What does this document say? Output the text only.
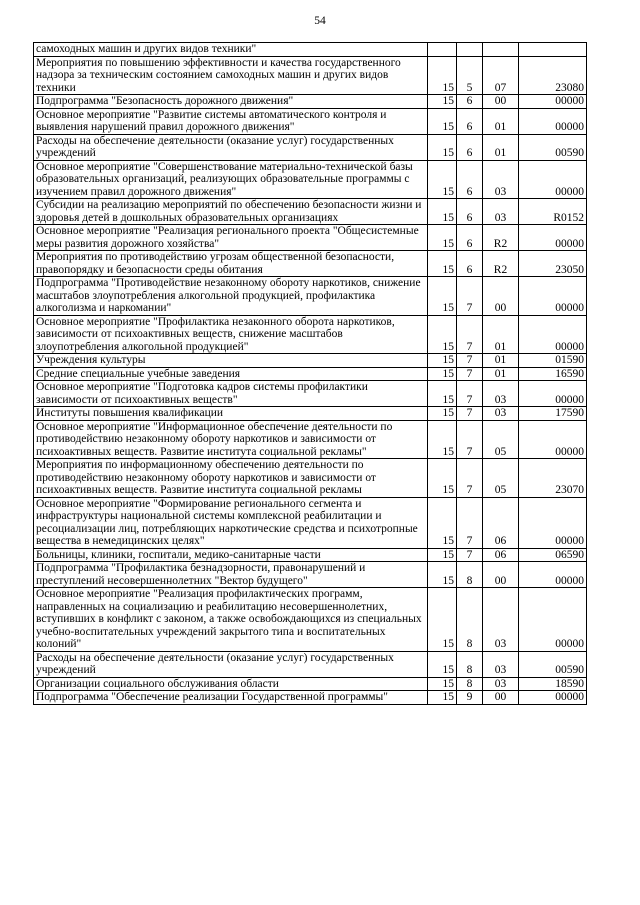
54
самоходных машин и других видов техники"				
Мероприятия по повышению эффективности и качества государственного надзора за техническим состоянием самоходных машин и других видов техники	15	5	07	23080
Подпрограмма "Безопасность дорожного движения"	15	6	00	00000
Основное мероприятие "Развитие системы автоматического контроля и выявления нарушений правил дорожного движения"	15	6	01	00000
Расходы на обеспечение деятельности (оказание услуг) государственных учреждений	15	6	01	00590
Основное мероприятие "Совершенствование материально-технической базы образовательных организаций, реализующих образовательные программы с изучением правил дорожного движения"	15	6	03	00000
Субсидии на реализацию мероприятий по обеспечению безопасности жизни и здоровья детей в дошкольных образовательных организациях	15	6	03	R0152
Основное мероприятие "Реализация регионального проекта "Общесистемные меры развития дорожного хозяйства"	15	6	R2	00000
Мероприятия по противодействию угрозам общественной безопасности, правопорядку и безопасности среды обитания	15	6	R2	23050
Подпрограмма "Противодействие незаконному обороту наркотиков, снижение масштабов злоупотребления алкогольной продукцией, профилактика алкоголизма и наркомании"	15	7	00	00000
Основное мероприятие "Профилактика незаконного оборота наркотиков, зависимости от психоактивных веществ, снижение масштабов злоупотребления алкогольной продукцией"	15	7	01	00000
Учреждения культуры	15	7	01	01590
Средние специальные учебные заведения	15	7	01	16590
Основное мероприятие "Подготовка кадров системы профилактики зависимости от психоактивных веществ"	15	7	03	00000
Институты повышения квалификации	15	7	03	17590
Основное мероприятие "Информационное обеспечение деятельности по противодействию незаконному обороту наркотиков и зависимости от психоактивных веществ. Развитие института социальной рекламы"	15	7	05	00000
Мероприятия по информационному обеспечению деятельности по противодействию незаконному обороту наркотиков и зависимости от психоактивных веществ. Развитие института социальной рекламы	15	7	05	23070
Основное мероприятие "Формирование регионального сегмента и инфраструктуры национальной системы комплексной реабилитации и ресоциализации лиц, потребляющих наркотические средства и психотропные вещества в немедицинских целях"	15	7	06	00000
Больницы, клиники, госпитали, медико-санитарные части	15	7	06	06590
Подпрограмма "Профилактика безнадзорности, правонарушений и преступлений несовершеннолетних "Вектор будущего"	15	8	00	00000
Основное мероприятие "Реализация профилактических программ, направленных на социализацию и реабилитацию несовершеннолетних, вступивших в конфликт с законом, а также освобождающихся из специальных учебно-воспитательных учреждений закрытого типа и воспитательных колоний"	15	8	03	00000
Расходы на обеспечение деятельности (оказание услуг) государственных учреждений	15	8	03	00590
Организации социального обслуживания области	15	8	03	18590
Подпрограмма "Обеспечение реализации Государственной программы"	15	9	00	00000
